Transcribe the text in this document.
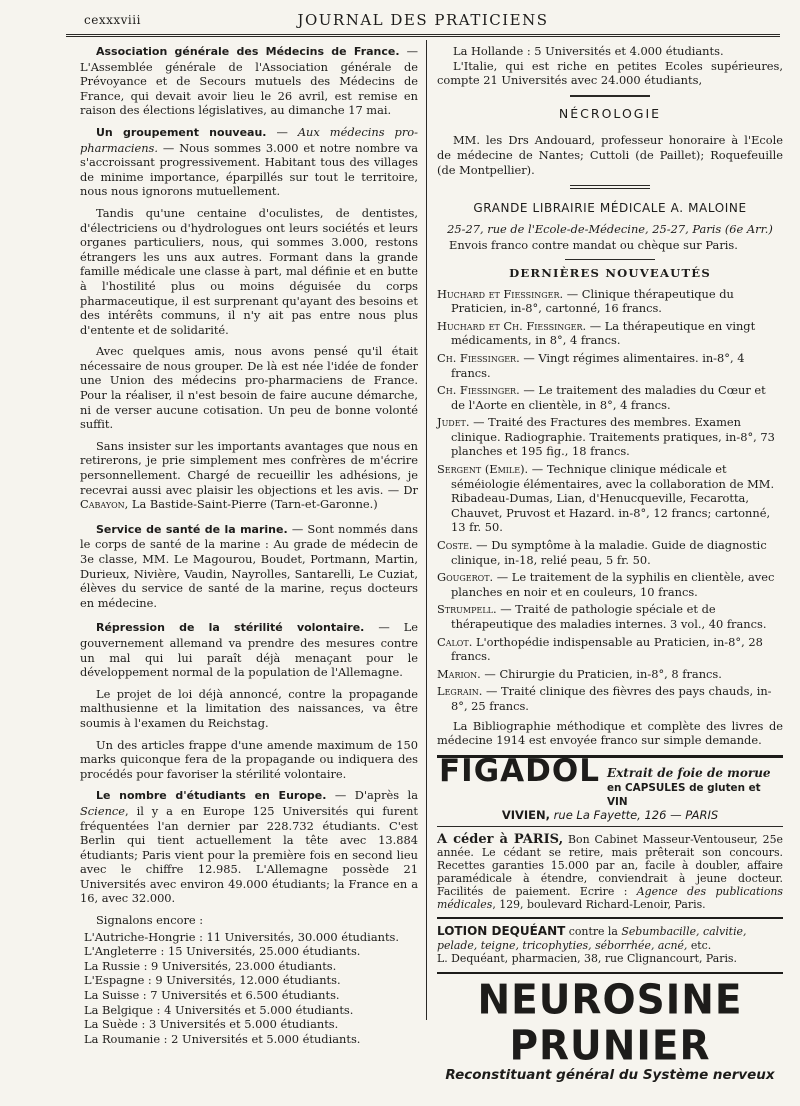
cexxxviii	JOURNAL DES PRATICIENS

Association générale des Médecins de France. — L'Assemblée générale de l'Association générale de Prévoyance et de Secours mutuels des Médecins de France, qui devait avoir lieu le 26 avril, est remise en raison des élections législatives, au dimanche 17 mai.

Un groupement nouveau. — Aux médecins pro-pharmaciens. — Nous sommes 3.000 et notre nombre va s'accroissant progressivement. Habitant tous des villages de minime importance, éparpillés sur tout le territoire, nous nous ignorons mutuellement.

Tandis qu'une centaine d'oculistes, de dentistes, d'électriciens ou d'hydrologues ont leurs sociétés et leurs organes particuliers, nous, qui sommes 3.000, restons étrangers les uns aux autres. Formant dans la grande famille médicale une classe à part, mal définie et en butte à l'hostilité plus ou moins déguisée du corps pharmaceutique, il est surprenant qu'ayant des besoins et des intérêts communs, il n'y ait pas entre nous plus d'entente et de solidarité.

Avec quelques amis, nous avons pensé qu'il était nécessaire de nous grouper. De là est née l'idée de fonder une Union des médecins pro-pharmaciens de France. Pour la réaliser, il n'est besoin de faire aucune démarche, ni de verser aucune cotisation. Un peu de bonne volonté suffit.

Sans insister sur les importants avantages que nous en retirerons, je prie simplement mes confrères de m'écrire personnellement. Chargé de recueillir les adhésions, je recevrai aussi avec plaisir les objections et les avis. — Dr Cabayon, La Bastide-Saint-Pierre (Tarn-et-Garonne.)

Service de santé de la marine. — Sont nommés dans le corps de santé de la marine : Au grade de médecin de 3e classe, MM. Le Magourou, Boudet, Portmann, Martin, Durieux, Nivière, Vaudin, Nayrolles, Santarelli, Le Cuziat, élèves du service de santé de la marine, reçus docteurs en médecine.

Répression de la stérilité volontaire. — Le gouvernement allemand va prendre des mesures contre un mal qui lui paraît déjà menaçant pour le développement normal de la population de l'Allemagne.

Le projet de loi déjà annoncé, contre la propagande malthusienne et la limitation des naissances, va être soumis à l'examen du Reichstag.

Un des articles frappe d'une amende maximum de 150 marks quiconque fera de la propagande ou indiquera des procédés pour favoriser la stérilité volontaire.

Le nombre d'étudiants en Europe. — D'après la Science, il y a en Europe 125 Universités qui furent fréquentées l'an dernier par 228.732 étudiants. C'est Berlin qui tient actuellement la tête avec 13.884 étudiants; Paris vient pour la première fois en second lieu avec le chiffre 12.985. L'Allemagne possède 21 Universités avec environ 49.000 étudiants; la France en a 16, avec 32.000.

Signalons encore :

L'Autriche-Hongrie : 11 Universités, 30.000 étudiants.

L'Angleterre : 15 Universités, 25.000 étudiants.

La Russie : 9 Universités, 23.000 étudiants.

L'Espagne : 9 Universités, 12.000 étudiants.

La Suisse : 7 Universités et 6.500 étudiants.

La Belgique : 4 Universités et 5.000 étudiants.

La Suède : 3 Universités et 5.000 étudiants.

La Roumanie : 2 Universités et 5.000 étudiants.

La Hollande : 5 Universités et 4.000 étudiants.

L'Italie, qui est riche en petites Ecoles supérieures, compte 21 Universités avec 24.000 étudiants,

NÉCROLOGIE

MM. les Drs Andouard, professeur honoraire à l'Ecole de médecine de Nantes; Cuttoli (de Paillet); Roquefeuille (de Montpellier).

GRANDE LIBRAIRIE MÉDICALE A. MALOINE
25-27, rue de l'Ecole-de-Médecine, 25-27, Paris (6e Arr.)
Envois franco contre mandat ou chèque sur Paris.
DERNIÈRES NOUVEAUTÉS

Huchard et Fiessinger. — Clinique thérapeutique du Praticien, in-8°, cartonné, 16 francs.

Huchard et Ch. Fiessinger. — La thérapeutique en vingt médicaments, in 8°, 4 francs.

Ch. Fiessinger. — Vingt régimes alimentaires. in-8°, 4 francs.

Ch. Fiessinger. — Le traitement des maladies du Cœur et de l'Aorte en clientèle, in 8°, 4 francs.

Judet. — Traité des Fractures des membres. Examen clinique. Radiographie. Traitements pratiques, in-8°, 73 planches et 195 fig., 18 francs.

Sergent (Emile). — Technique clinique médicale et séméiologie élémentaires, avec la collaboration de MM. Ribadeau-Dumas, Lian, d'Henucqueville, Fecarotta, Chauvet, Pruvost et Hazard. in-8°, 12 francs; cartonné, 13 fr. 50.

Coste. — Du symptôme à la maladie. Guide de diagnostic clinique, in-18, relié peau, 5 fr. 50.

Gougerot. — Le traitement de la syphilis en clientèle, avec planches en noir et en couleurs, 10 francs.

Strumpell. — Traité de pathologie spéciale et de thérapeutique des maladies internes. 3 vol., 40 francs.

Calot. L'orthopédie indispensable au Praticien, in-8°, 28 francs.

Marion. — Chirurgie du Praticien, in-8°, 8 francs.

Legrain. — Traité clinique des fièvres des pays chauds, in-8°, 25 francs.

La Bibliographie méthodique et complète des livres de médecine 1914 est envoyée franco sur simple demande.

FIGADOL Extrait de foie de morue
en CAPSULES de gluten et VIN
VIVIEN, rue La Fayette, 126 — PARIS

A céder à PARIS, Bon Cabinet Masseur-Ventouseur, 25e année. Le cédant se retire, mais prêterait son concours. Recettes garanties 15.000 par an, facile à doubler, affaire paramédicale à étendre, conviendrait à jeune docteur. Facilités de paiement. Ecrire : Agence des publications médicales, 129, boulevard Richard-Lenoir, Paris.

LOTION DEQUÉANT contre la Sebumbacille, calvitie, pelade, teigne, tricophyties, séborrhée, acné, etc.
L. Dequéant, pharmacien, 38, rue Clignancourt, Paris.
NEUROSINE PRUNIER
Reconstituant général du Système nerveux
